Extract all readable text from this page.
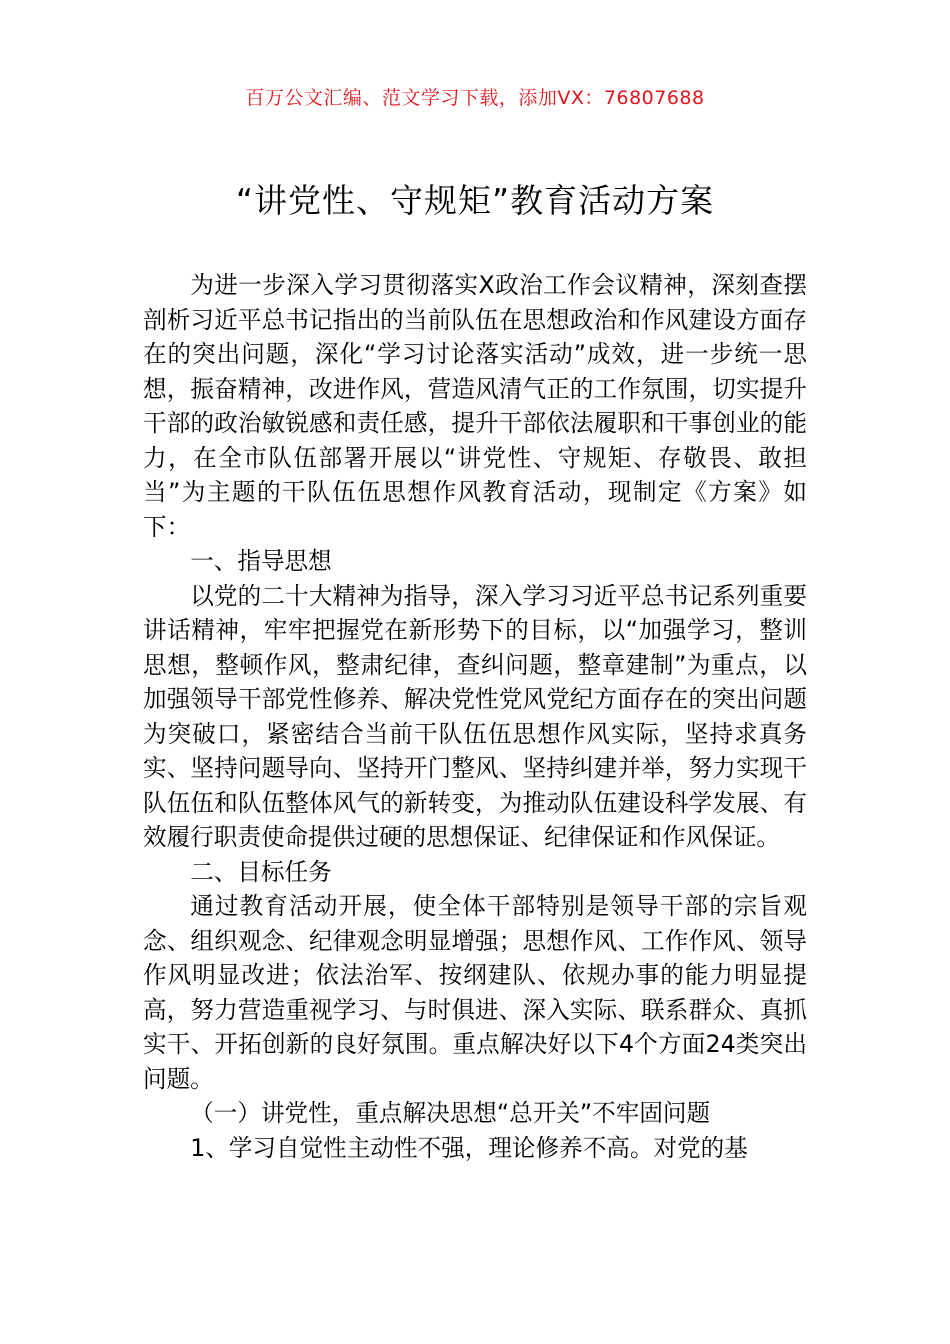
百万公文汇编、范文学习下载，添加VX：76807688
“讲党性、守规矩”教育活动方案

为进一步深入学习贯彻落实X政治工作会议精神，深刻查摆剖析习近平总书记指出的当前队伍在思想政治和作风建设方面存在的突出问题，深化“学习讨论落实活动”成效，进一步统一思想，振奋精神，改进作风，营造风清气正的工作氛围，切实提升干部的政治敏锐感和责任感，提升干部依法履职和干事创业的能力，在全市队伍部署开展以“讲党性、守规矩、存敬畏、敢担当”为主题的干队伍伍思想作风教育活动，现制定《方案》如下：

一、指导思想

以党的二十大精神为指导，深入学习习近平总书记系列重要讲话精神，牢牢把握党在新形势下的目标，以“加强学习，整训思想，整顿作风，整肃纪律，查纠问题，整章建制”为重点，以加强领导干部党性修养、解决党性党风党纪方面存在的突出问题为突破口，紧密结合当前干队伍伍思想作风实际，坚持求真务实、坚持问题导向、坚持开门整风、坚持纠建并举，努力实现干队伍伍和队伍整体风气的新转变，为推动队伍建设科学发展、有效履行职责使命提供过硬的思想保证、纪律保证和作风保证。

二、目标任务

通过教育活动开展，使全体干部特别是领导干部的宗旨观念、组织观念、纪律观念明显增强；思想作风、工作作风、领导作风明显改进；依法治军、按纲建队、依规办事的能力明显提高，努力营造重视学习、与时俱进、深入实际、联系群众、真抓实干、开拓创新的良好氛围。重点解决好以下4个方面24类突出问题。

（一）讲党性，重点解决思想“总开关”不牢固问题

1、学习自觉性主动性不强，理论修养不高。对党的基
